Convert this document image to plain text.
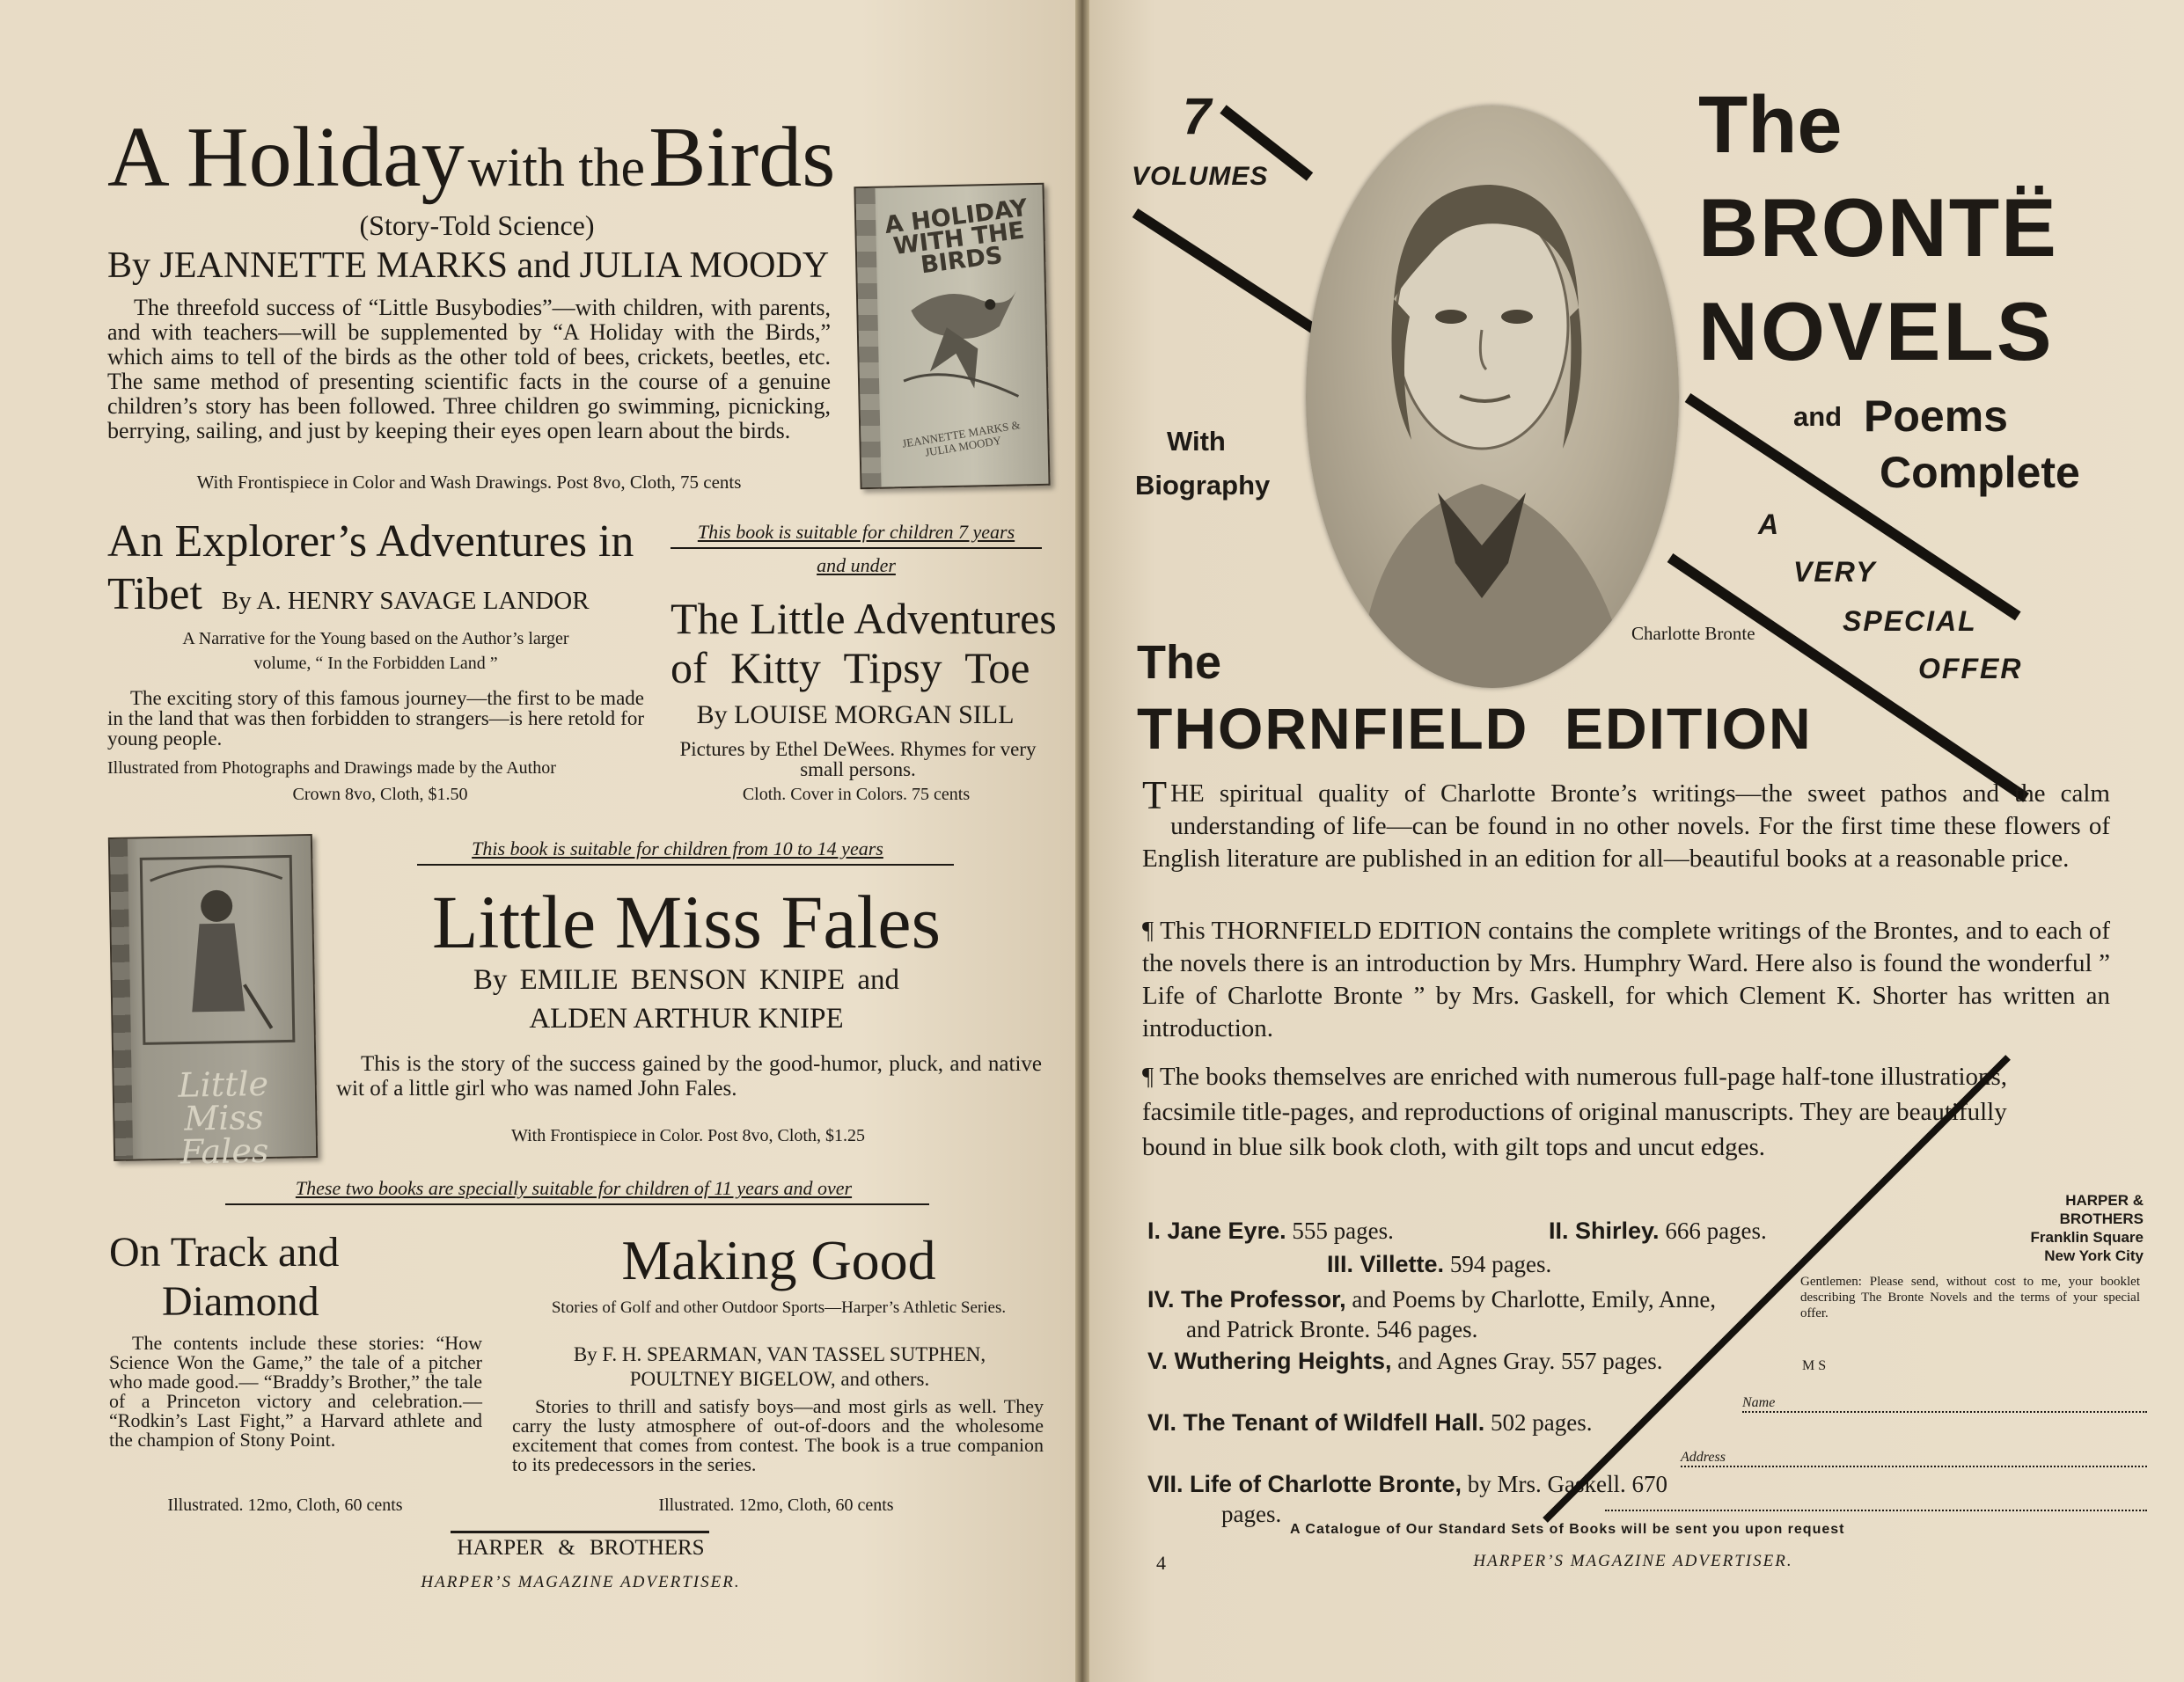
A Holiday with the Birds
(Story-Told Science)
By JEANNETTE MARKS and JULIA MOODY
The threefold success of “Little Busybodies”—with children, with parents, and with teachers—will be supplemented by “A Holiday with the Birds,” which aims to tell of the birds as the other told of bees, crickets, beetles, etc. The same method of presenting scientific facts in the course of a genuine children’s story has been followed. Three children go swimming, picnicking, berrying, sailing, and just by keeping their eyes open learn about the birds.
With Frontispiece in Color and Wash Drawings. Post 8vo, Cloth, 75 cents
A HOLIDAY WITH THE BIRDS
JEANNETTE MARKS & JULIA MOODY
An Explorer’s Adventures in
Tibet By A. HENRY SAVAGE LANDOR
A Narrative for the Young based on the Author’s larger volume, “ In the Forbidden Land ”
The exciting story of this famous journey—the first to be made in the land that was then forbidden to strangers—is here retold for young people.
Illustrated from Photographs and Drawings made by the Author
Crown 8vo, Cloth, $1.50
This book is suitable for children 7 years
and under
The Little Adventures
of Kitty Tipsy Toe
By LOUISE MORGAN SILL
Pictures by Ethel DeWees. Rhymes for very small persons.
Cloth. Cover in Colors. 75 cents
Little Miss Fales
This book is suitable for children from 10 to 14 years
Little Miss Fales
By EMILIE BENSON KNIPE and
ALDEN ARTHUR KNIPE
This is the story of the success gained by the good-humor, pluck, and native wit of a little girl who was named John Fales.
With Frontispiece in Color. Post 8vo, Cloth, $1.25
These two books are specially suitable for children of 11 years and over
On Track and
Diamond
The contents include these stories: “How Science Won the Game,” the tale of a pitcher who made good.— “Braddy’s Brother,” the tale of a Princeton victory and celebration.— “Rodkin’s Last Fight,” a Harvard athlete and the champion of Stony Point.
Illustrated. 12mo, Cloth, 60 cents
Making Good
Stories of Golf and other Outdoor Sports—Harper’s Athletic Series.
By F. H. SPEARMAN, VAN TASSEL SUTPHEN, POULTNEY BIGELOW, and others.
Stories to thrill and satisfy boys—and most girls as well. They carry the lusty atmosphere of out-of-doors and the wholesome excitement that comes from contest. The book is a true companion to its predecessors in the series.
Illustrated. 12mo, Cloth, 60 cents
HARPER & BROTHERS
HARPER’S MAGAZINE ADVERTISER.
7
VOLUMES
With
Biography
Charlotte Bronte
The
BRONTË
NOVELS
and Poems
Complete
A
VERY
SPECIAL
OFFER
The
THORNFIELD  EDITION
THE spiritual quality of Charlotte Bronte’s writings—the sweet pathos and the calm understanding of life—can be found in no other novels. For the first time these flowers of English literature are published in an edition for all—beautiful books at a reasonable price.
¶ This THORNFIELD EDITION contains the complete writings of the Brontes, and to each of the novels there is an introduction by Mrs. Humphry Ward. Here also is found the wonderful ” Life of Charlotte Bronte ” by Mrs. Gaskell, for which Clement K. Shorter has written an introduction.
¶ The books themselves are enriched with numerous full-page half-tone illustrations, facsimile title-pages, and reproductions of original manuscripts. They are beautifully bound in blue silk book cloth, with gilt tops and uncut edges.
I. Jane Eyre. 555 pages.	II. Shirley. 666 pages.
III. Villette. 594 pages.
IV. The Professor, and Poems by Charlotte, Emily, Anne, and Patrick Bronte. 546 pages.
V. Wuthering Heights, and Agnes Gray. 557 pages.
VI. The Tenant of Wildfell Hall. 502 pages.
VII. Life of Charlotte Bronte, by Mrs. Gaskell. 670 pages.
HARPER &
BROTHERS
Franklin Square
New York City
Gentlemen: Please send, without cost to me, your booklet describing The Bronte Novels and the terms of your special offer.
M S
Name
Address
A Catalogue of Our Standard Sets of Books will be sent you upon request
4	HARPER’S MAGAZINE ADVERTISER.
